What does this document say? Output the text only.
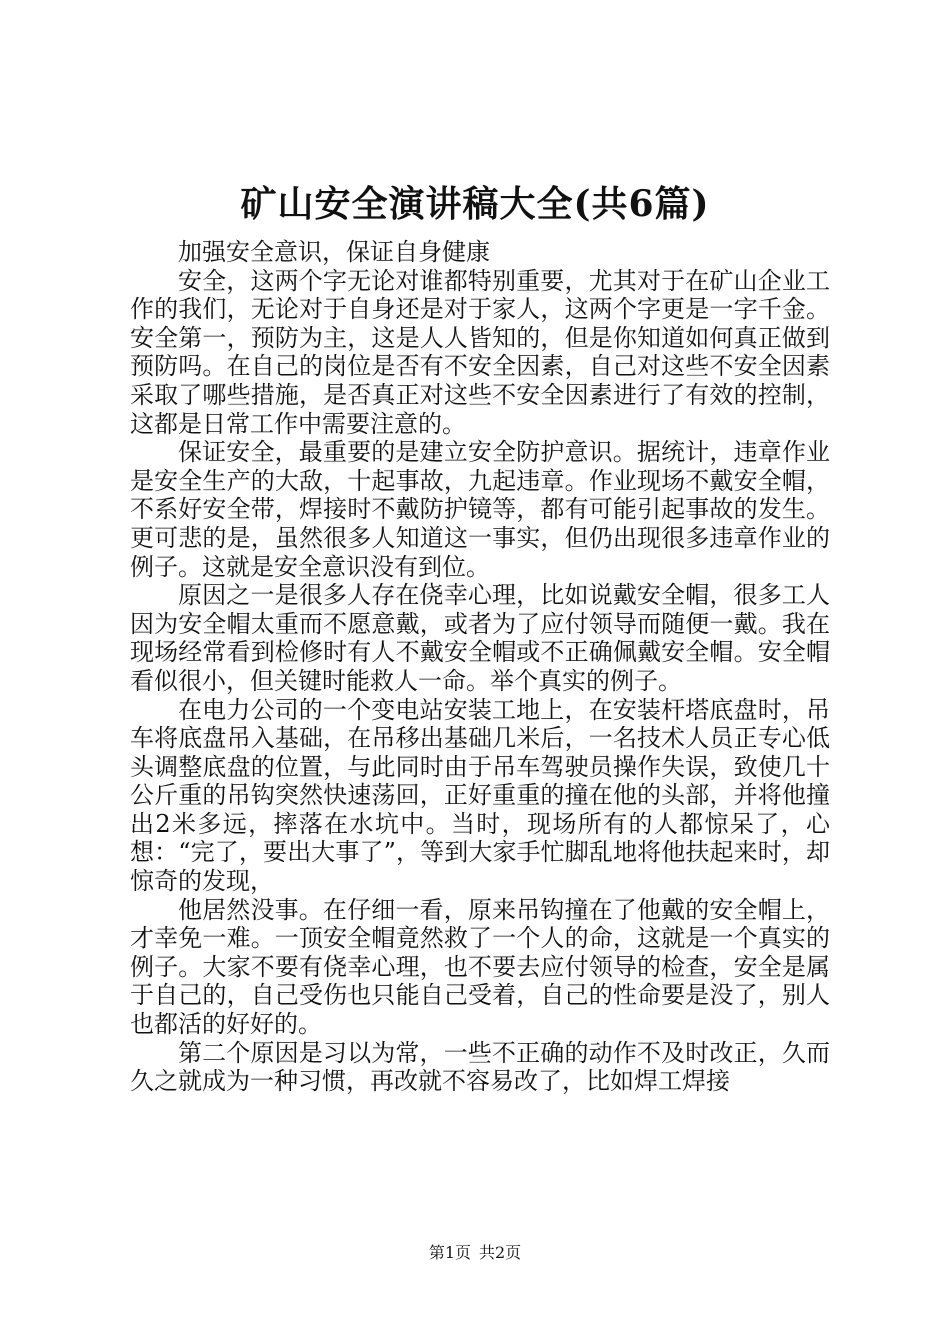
矿山安全演讲稿大全(共6篇)

加强安全意识，保证自身健康

安全，这两个字无论对谁都特别重要，尤其对于在矿山企业工作的我们，无论对于自身还是对于家人，这两个字更是一字千金。安全第一，预防为主，这是人人皆知的，但是你知道如何真正做到预防吗。在自己的岗位是否有不安全因素，自己对这些不安全因素采取了哪些措施，是否真正对这些不安全因素进行了有效的控制，这都是日常工作中需要注意的。

保证安全，最重要的是建立安全防护意识。据统计，违章作业是安全生产的大敌，十起事故，九起违章。作业现场不戴安全帽，不系好安全带，焊接时不戴防护镜等，都有可能引起事故的发生。更可悲的是，虽然很多人知道这一事实，但仍出现很多违章作业的例子。这就是安全意识没有到位。

原因之一是很多人存在侥幸心理，比如说戴安全帽，很多工人因为安全帽太重而不愿意戴，或者为了应付领导而随便一戴。我在现场经常看到检修时有人不戴安全帽或不正确佩戴安全帽。安全帽看似很小，但关键时能救人一命。举个真实的例子。

在电力公司的一个变电站安装工地上，在安装杆塔底盘时，吊车将底盘吊入基础，在吊移出基础几米后，一名技术人员正专心低头调整底盘的位置，与此同时由于吊车驾驶员操作失误，致使几十公斤重的吊钩突然快速荡回，正好重重的撞在他的头部，并将他撞出2米多远，摔落在水坑中。当时，现场所有的人都惊呆了，心想：“完了，要出大事了”，等到大家手忙脚乱地将他扶起来时，却惊奇的发现，

他居然没事。在仔细一看，原来吊钩撞在了他戴的安全帽上，才幸免一难。一顶安全帽竟然救了一个人的命，这就是一个真实的例子。大家不要有侥幸心理，也不要去应付领导的检查，安全是属于自己的，自己受伤也只能自己受着，自己的性命要是没了，别人也都活的好好的。

第二个原因是习以为常，一些不正确的动作不及时改正，久而久之就成为一种习惯，再改就不容易改了，比如焊工焊接

第1页 共2页
